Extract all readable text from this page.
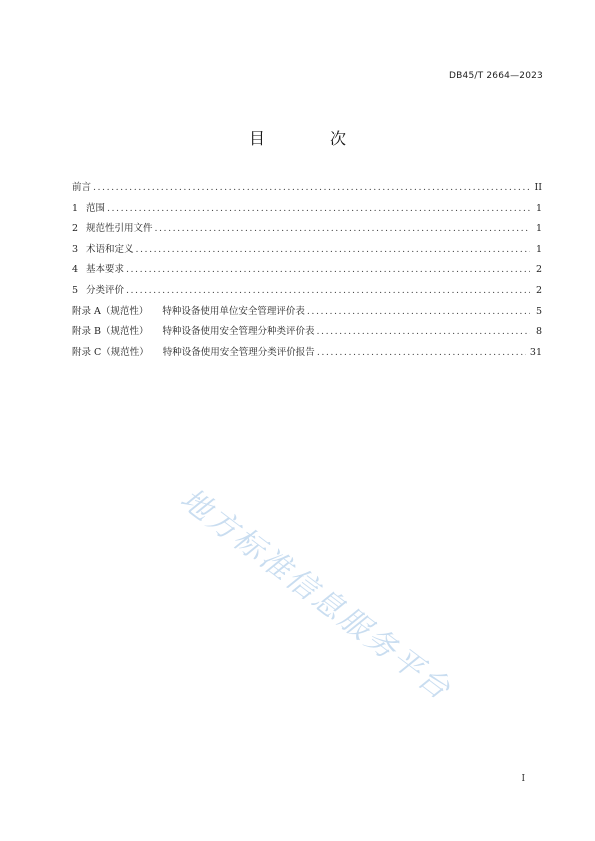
DB45/T 2664—2023
目 次
前言 .....	II
1 范围 .....	1
2 规范性引用文件 .....	1
3 术语和定义 .....	1
4 基本要求 .....	2
5 分类评价 .....	2
附录 A（规范性） 特种设备使用单位安全管理评价表 .....	5
附录 B（规范性） 特种设备使用安全管理分种类评价表 .....	8
附录 C（规范性） 特种设备使用安全管理分类评价报告 .....	31
地方标准信息服务平台
I
